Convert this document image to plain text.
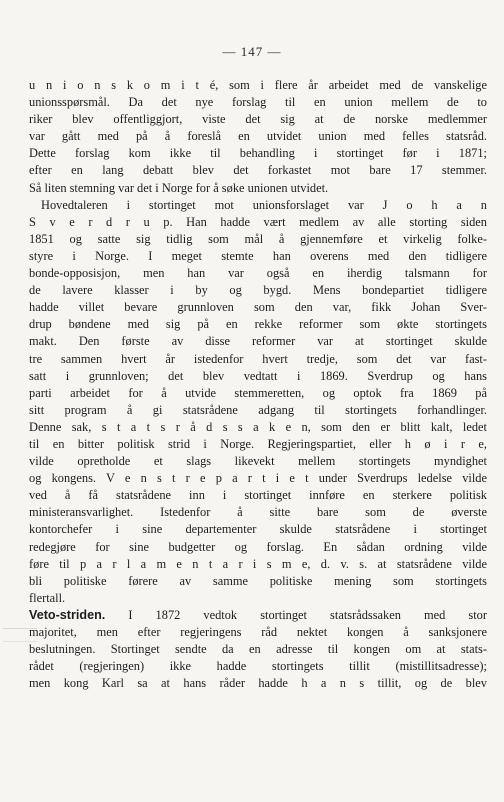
— 147 —

u n i o n s k o m i t é, som i flere år arbeidet med de vanskelige
unionsspørsmål. Da det nye forslag til en union mellem de to
riker blev offentliggjort, viste det sig at de norske medlemmer
var gått med på å foreslå en utvidet union med felles statsråd.
Dette forslag kom ikke til behandling i stortinget før i 1871;
efter en lang debatt blev det forkastet mot bare 17 stemmer.
Så liten stemning var det i Norge for å søke unionen utvidet.

Hovedtaleren i stortinget mot unionsforslaget var J o h a n
S v e r d r u p. Han hadde vært medlem av alle storting siden
1851 og satte sig tidlig som mål å gjennemføre et virkelig folke-
styre i Norge. I meget stemte han overens med den tidligere
bonde-opposisjon, men han var også en iherdig talsmann for
de lavere klasser i by og bygd. Mens bondepartiet tidligere
hadde villet bevare grunnloven som den var, fikk Johan Sver-
drup bøndene med sig på en rekke reformer som økte stortingets
makt. Den første av disse reformer var at stortinget skulde
tre sammen hvert år istedenfor hvert tredje, som det var fast-
satt i grunnloven; det blev vedtatt i 1869. Sverdrup og hans
parti arbeidet for å utvide stemmeretten, og optok fra 1869 på
sitt program å gi statsrådene adgang til stortingets forhandlinger.
Denne sak, s t a t s r å d s s a k e n, som den er blitt kalt, ledet
til en bitter politisk strid i Norge. Regjeringspartiet, eller h ø i r e,
vilde opretholde et slags likevekt mellem stortingets myndighet
og kongens. V e n s t r e p a r t i e t under Sverdrups ledelse vilde
ved å få statsrådene inn i stortinget innføre en sterkere politisk
ministeransvarlighet. Istedenfor å sitte bare som de øverste
kontorchefer i sine departementer skulde statsrådene i stortinget
redegjøre for sine budgetter og forslag. En sådan ordning vilde
føre til p a r l a m e n t a r i s m e, d. v. s. at statsrådene vilde
bli politiske førere av samme politiske mening som stortingets
flertall.

Veto-striden. I 1872 vedtok stortinget statsrådssaken med stor
majoritet, men efter regjeringens råd nektet kongen å sanksjonere
beslutningen. Stortinget sendte da en adresse til kongen om at stats-
rådet (regjeringen) ikke hadde stortingets tillit (mistillitsadresse);
men kong Karl sa at hans råder hadde h a n s tillit, og de blev
